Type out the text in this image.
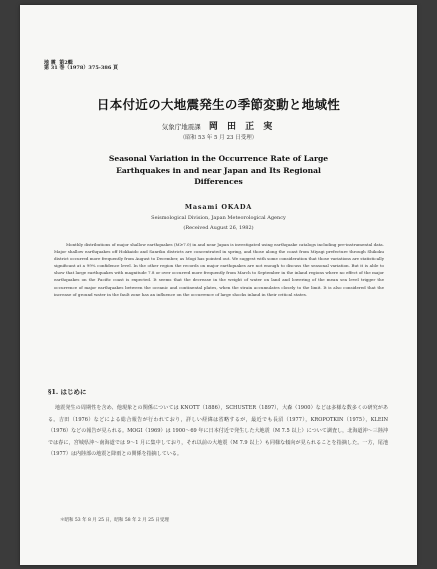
地 震  第2輯
第 31 巻（1978）375-386 頁
日本付近の大地震発生の季節変動と地域性
気象庁地震課 岡 田 正 実
（昭和 53 年 5 月 23 日受理）
Seasonal Variation in the Occurrence Rate of Large Earthquakes in and near Japan and Its Regional Differences
Masami OKADA
Seismological Division, Japan Meteorological Agency
(Received August 26, 1982)
Monthly distributions of major shallow earthquakes (M≥7.0) in and near Japan is investigated using earthquake catalogs including pre-instrumental data. Major shallow earthquakes off Hokkaido and Sanriku districts are concentrated in spring, and those along the coast from Miyagi prefecture through Shikoku district occurred more frequently from August to December, as Mogi has pointed out. We suggest with some consideration that those variations are statistically significant at a 99% confidence level. In the other region the records on major earthquakes are not enough to discuss the seasonal variation. But it is able to show that large earthquakes with magnitude 7.8 or over occurred more frequently from March to September in the inland regions where no effect of the major earthquakes on the Pacific coast is expected. It seems that the decrease in the weight of water on land and lowering of the mean sea level trigger the occurrence of major earthquakes between the oceanic and continental plates, when the strain accumulates closely to the limit. It is also considered that the increase of ground water in the fault zone has an influence on the occurrence of large shocks inland in their critical states.
§1. はじめに
地震発生の周期性を含め、他現象との関係については KNOTT（1886），SCHUSTER（1897），大森（1900）などは多様な数多くの研究がある。吉田（1976）などによる総合報告が行われており，詳しい経緯は省略するが，最近でも長沼（1977），KROPOTKIN（1975），KLEIN（1976）などの報告が見られる。MOGI（1969）は 1900〜69 年に日本付近で発生した大地震（M 7.5 以上）について調査し，北海道沖〜三陸沖では春に，宮城県沖〜南海道では 9〜1 月に集中しており，それ以前の大地震（M 7.9 以上）も同様な傾向が見られることを指摘した。一方，尾池（1977）は内陸部の地震と降雨との関係を指摘している。
＊昭和 53 年 8 月 25 日，昭和 58 年 2 月 25 日受理
